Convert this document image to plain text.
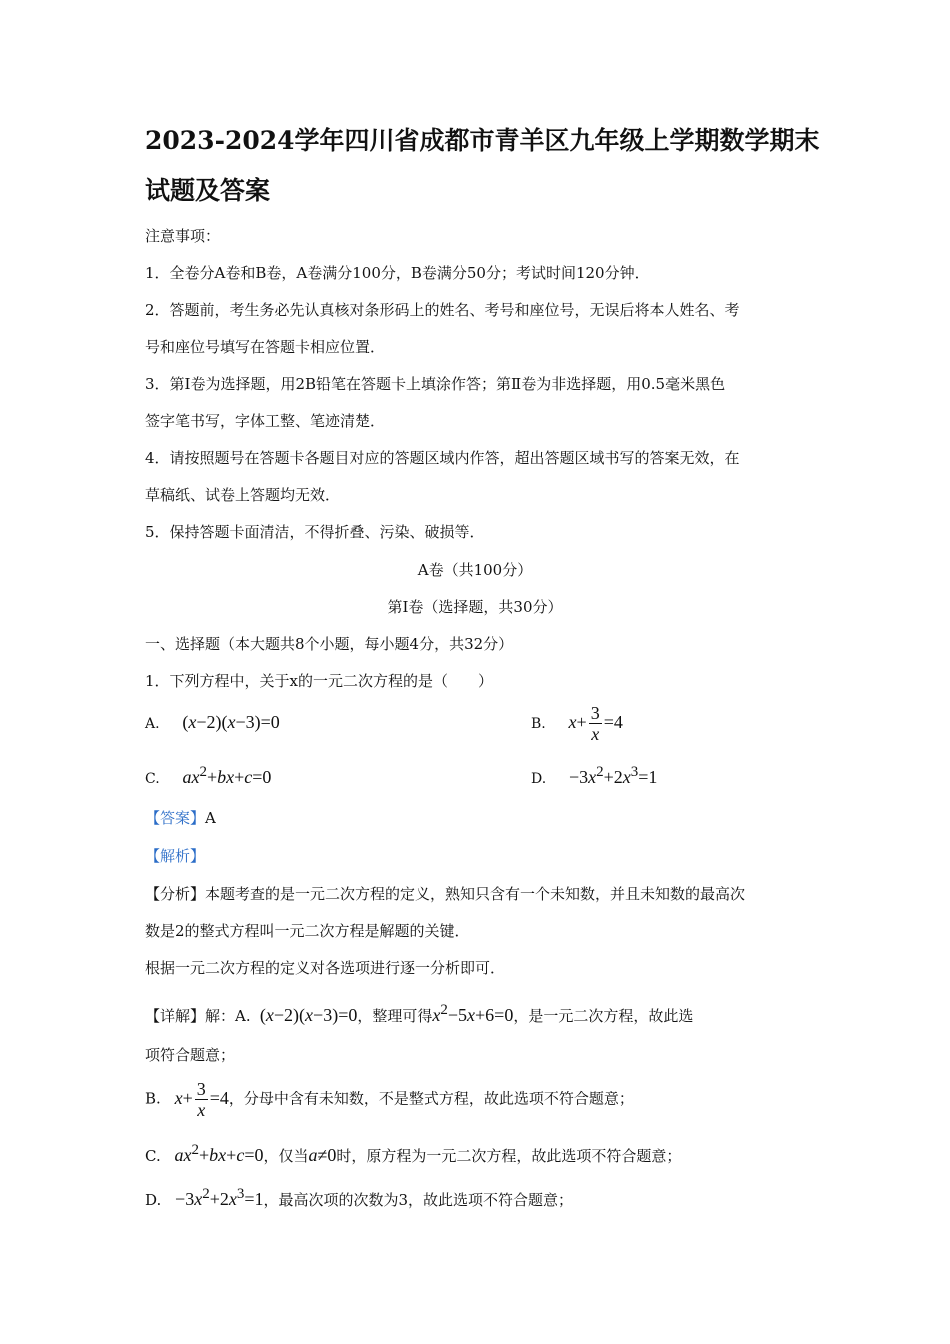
2023-2024学年四川省成都市青羊区九年级上学期数学期末
试题及答案
注意事项：
1．全卷分A卷和B卷，A卷满分100分，B卷满分50分；考试时间120分钟．
2．答题前，考生务必先认真核对条形码上的姓名、考号和座位号，无误后将本人姓名、考
号和座位号填写在答题卡相应位置．
3．第Ⅰ卷为选择题，用2B铅笔在答题卡上填涂作答；第Ⅱ卷为非选择题，用0.5毫米黑色
签字笔书写，字体工整、笔迹清楚．
4．请按照题号在答题卡各题目对应的答题区域内作答，超出答题区域书写的答案无效，在
草稿纸、试卷上答题均无效．
5．保持答题卡面清洁，不得折叠、污染、破损等．
A卷（共100分）
第Ⅰ卷（选择题，共30分）
一、选择题（本大题共8个小题，每小题4分，共32分）
1．下列方程中，关于x的一元二次方程的是（　　）
A. (x−2)(x−3)=0	B. $x+ \frac{3}{x} =4$
C. $ax^2+bx+c=0$	D. $-3x^2+2x^3=1$
【答案】A
【解析】
【分析】本题考查的是一元二次方程的定义，熟知只含有一个未知数，并且未知数的最高次
数是2的整式方程叫一元二次方程是解题的关键．
根据一元二次方程的定义对各选项进行逐一分析即可．
【详解】解：A.  (x−2)(x−3)=0，整理可得$x^2-5x+6=0$，是一元二次方程，故此选
项符合题意；
B. $x+ \frac{3}{x} =4$，分母中含有未知数，不是整式方程，故此选项不符合题意；
C. $ax^2+bx+c=0$，仅当a≠0时，原方程为一元二次方程，故此选项不符合题意；
D.   $-3x^2+2x^3=1$，最高次项的次数为3，故此选项不符合题意；
